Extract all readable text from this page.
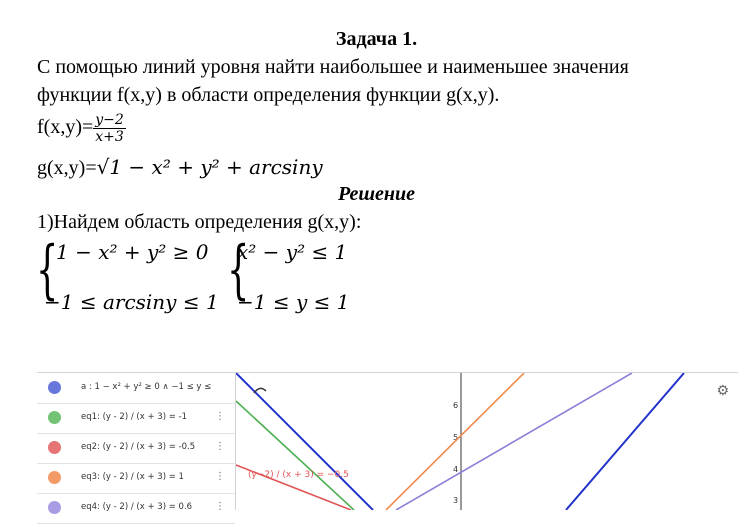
Задача 1.
С помощью линий уровня найти наибольшее и наименьшее значения
функции f(x,y) в области определения функции g(x,y).
$f(x,y)= \frac{y-2}{x+3}$
g(x,y)=√1 − x² + y² + arcsiny
Решение
1)Найдем область определения g(x,y):
{
1 − x² + y² ≥ 0
−1 ≤ arcsiny ≤ 1 {
x² − y² ≤ 1
−1 ≤ y ≤ 1
a : 1 − x² + y² ≥ 0 ∧ −1 ≤ y ≤
eq1: (y - 2) / (x + 3) = -1	⋮
eq2: (y - 2) / (x + 3) = -0.5 ⋮
eq3: (y - 2) / (x + 3) = 1	⋮
eq4: (y - 2) / (x + 3) = 0.6 ⋮
6
5
4
3
(y−2) / (x + 3) = −0.5
⚙
